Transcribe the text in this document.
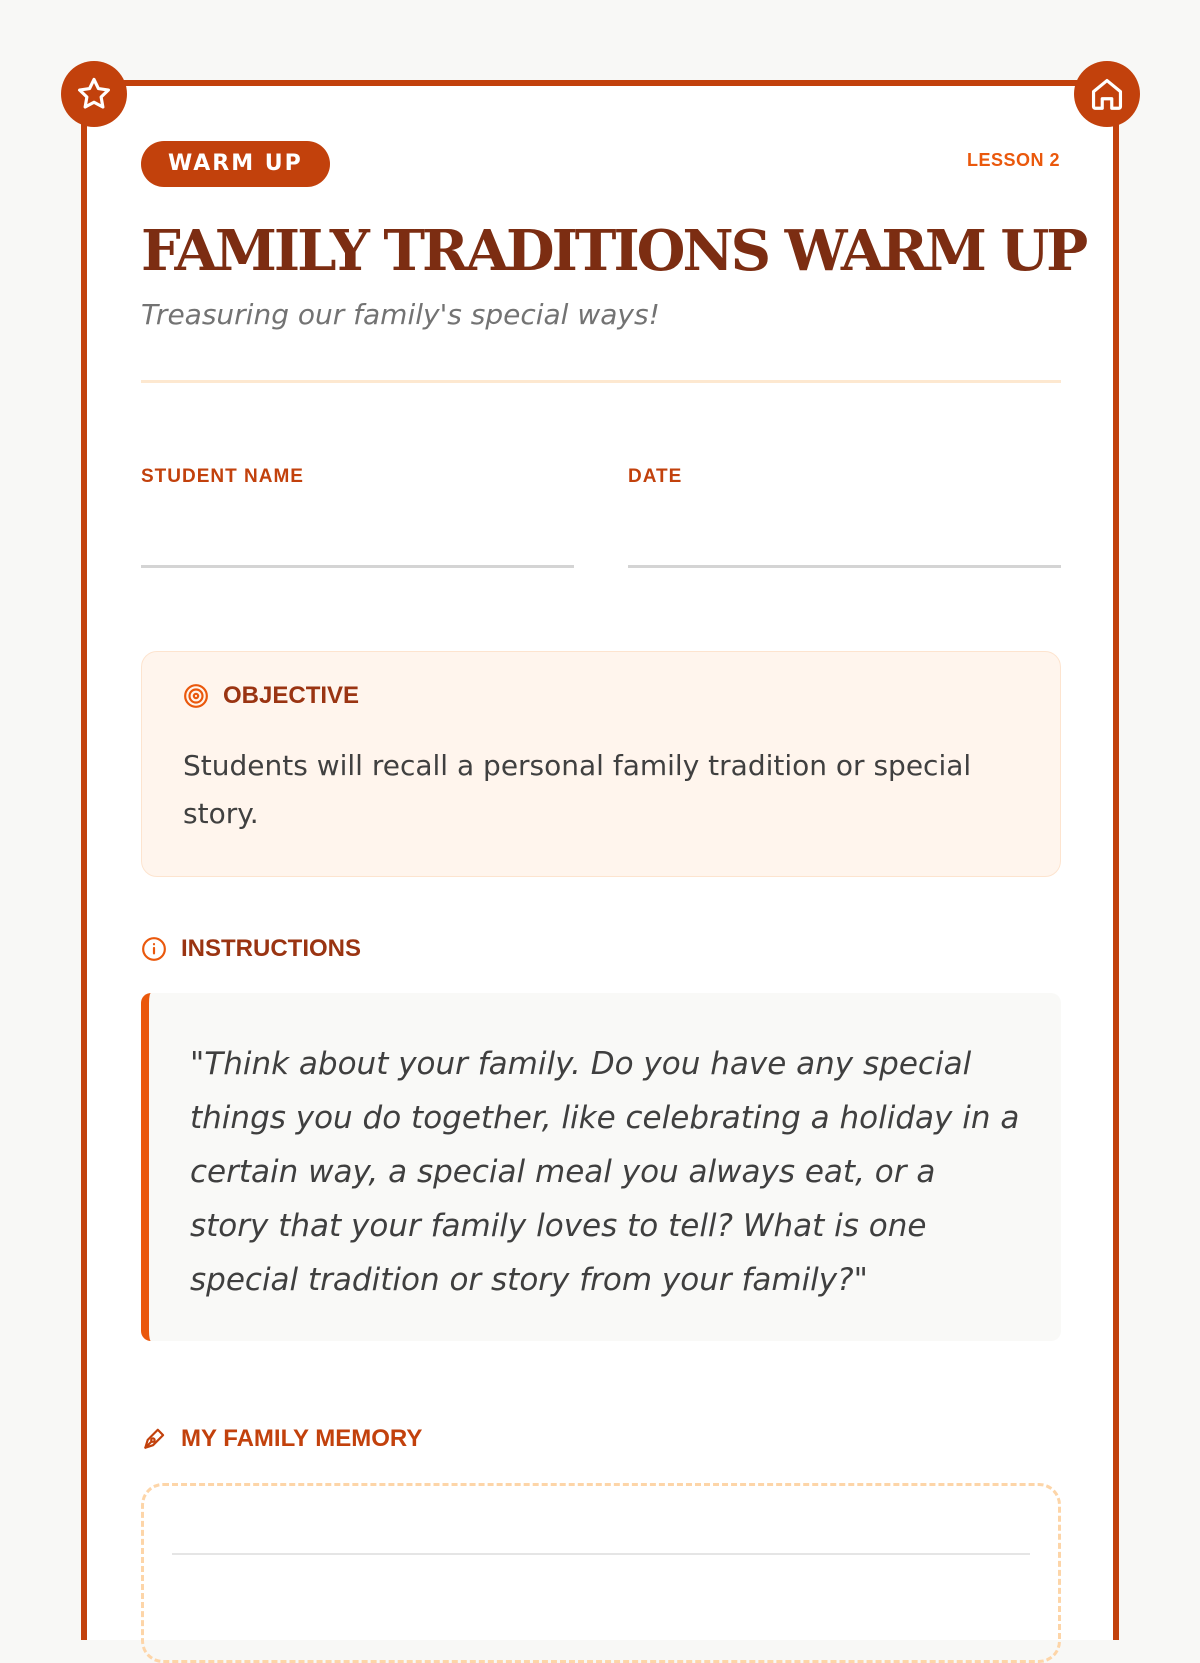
WARM UP	LESSON 2
FAMILY TRADITIONS WARM UP
Treasuring our family's special ways!
STUDENT NAME	DATE
OBJECTIVE
Students will recall a personal family tradition or special story.
INSTRUCTIONS
"Think about your family. Do you have any special things you do together, like celebrating a holiday in a certain way, a special meal you always eat, or a story that your family loves to tell? What is one special tradition or story from your family?"
MY FAMILY MEMORY
